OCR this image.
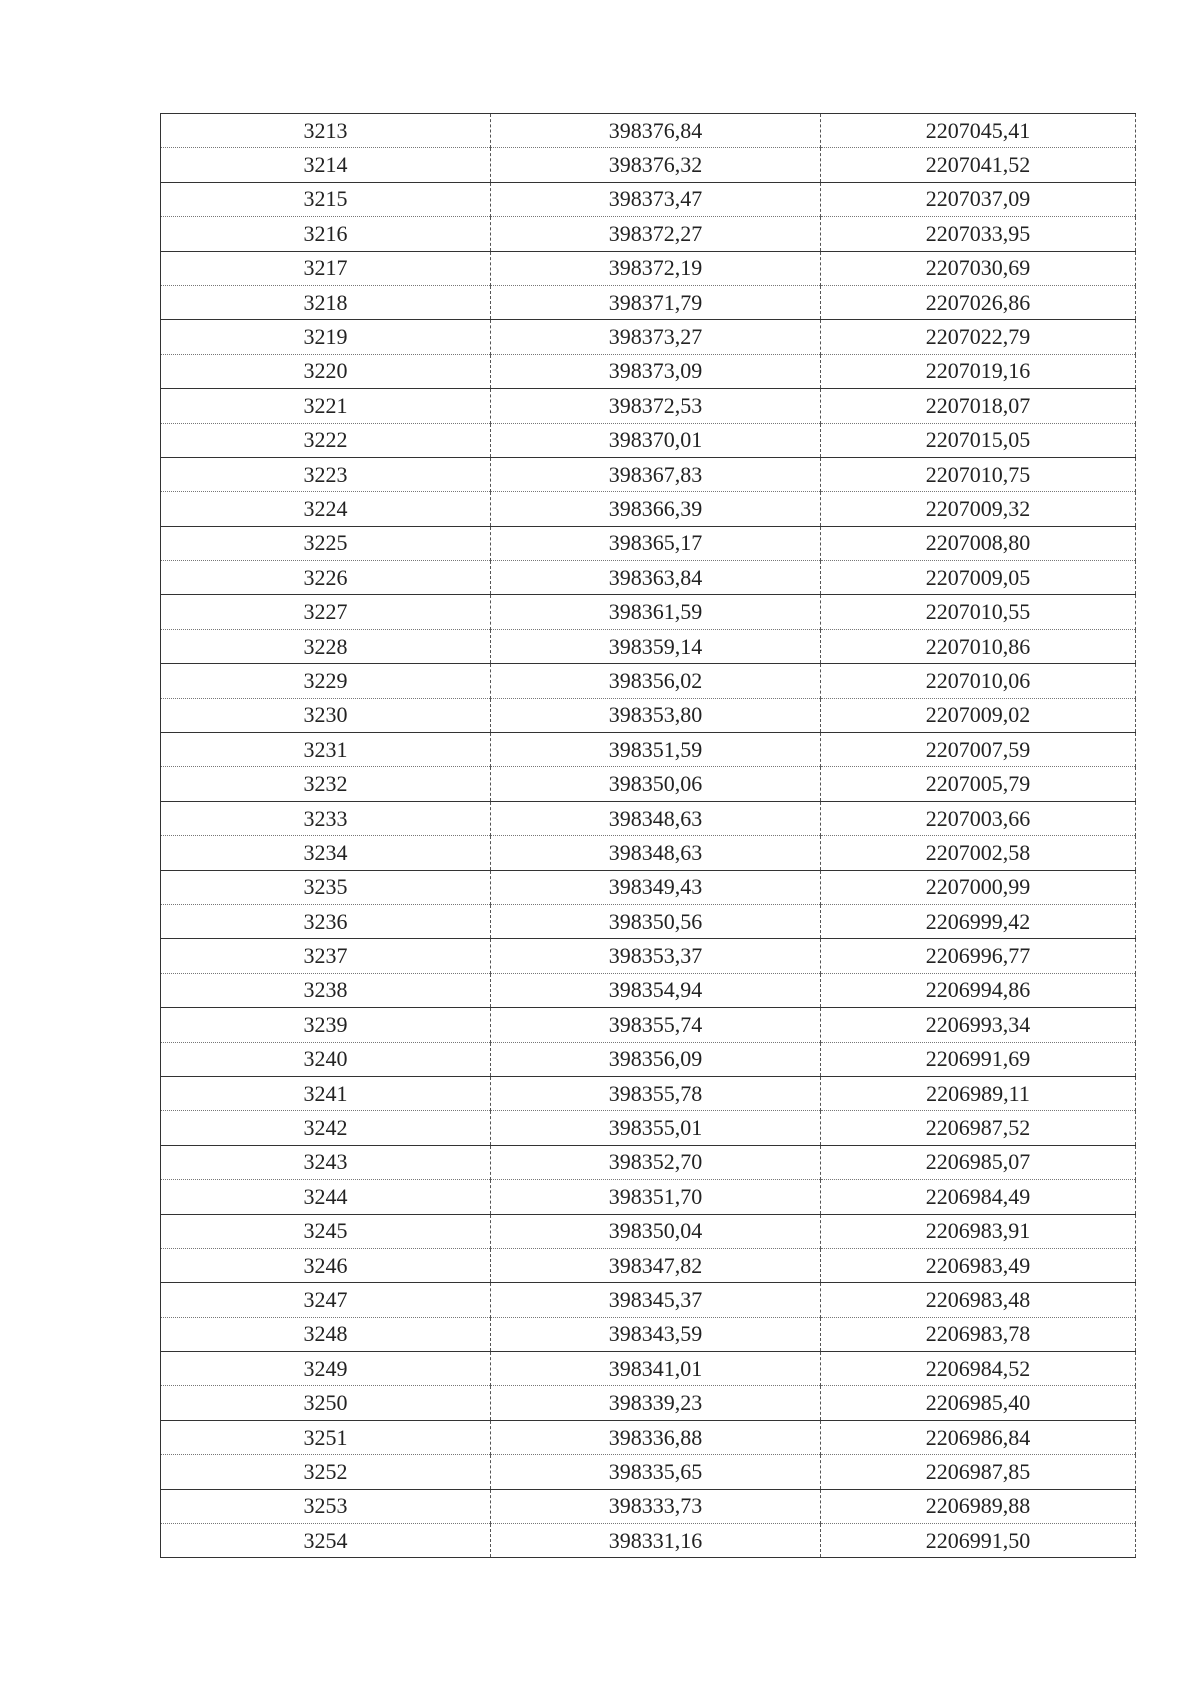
3213	398376,84	2207045,41
3214	398376,32	2207041,52
3215	398373,47	2207037,09
3216	398372,27	2207033,95
3217	398372,19	2207030,69
3218	398371,79	2207026,86
3219	398373,27	2207022,79
3220	398373,09	2207019,16
3221	398372,53	2207018,07
3222	398370,01	2207015,05
3223	398367,83	2207010,75
3224	398366,39	2207009,32
3225	398365,17	2207008,80
3226	398363,84	2207009,05
3227	398361,59	2207010,55
3228	398359,14	2207010,86
3229	398356,02	2207010,06
3230	398353,80	2207009,02
3231	398351,59	2207007,59
3232	398350,06	2207005,79
3233	398348,63	2207003,66
3234	398348,63	2207002,58
3235	398349,43	2207000,99
3236	398350,56	2206999,42
3237	398353,37	2206996,77
3238	398354,94	2206994,86
3239	398355,74	2206993,34
3240	398356,09	2206991,69
3241	398355,78	2206989,11
3242	398355,01	2206987,52
3243	398352,70	2206985,07
3244	398351,70	2206984,49
3245	398350,04	2206983,91
3246	398347,82	2206983,49
3247	398345,37	2206983,48
3248	398343,59	2206983,78
3249	398341,01	2206984,52
3250	398339,23	2206985,40
3251	398336,88	2206986,84
3252	398335,65	2206987,85
3253	398333,73	2206989,88
3254	398331,16	2206991,50
